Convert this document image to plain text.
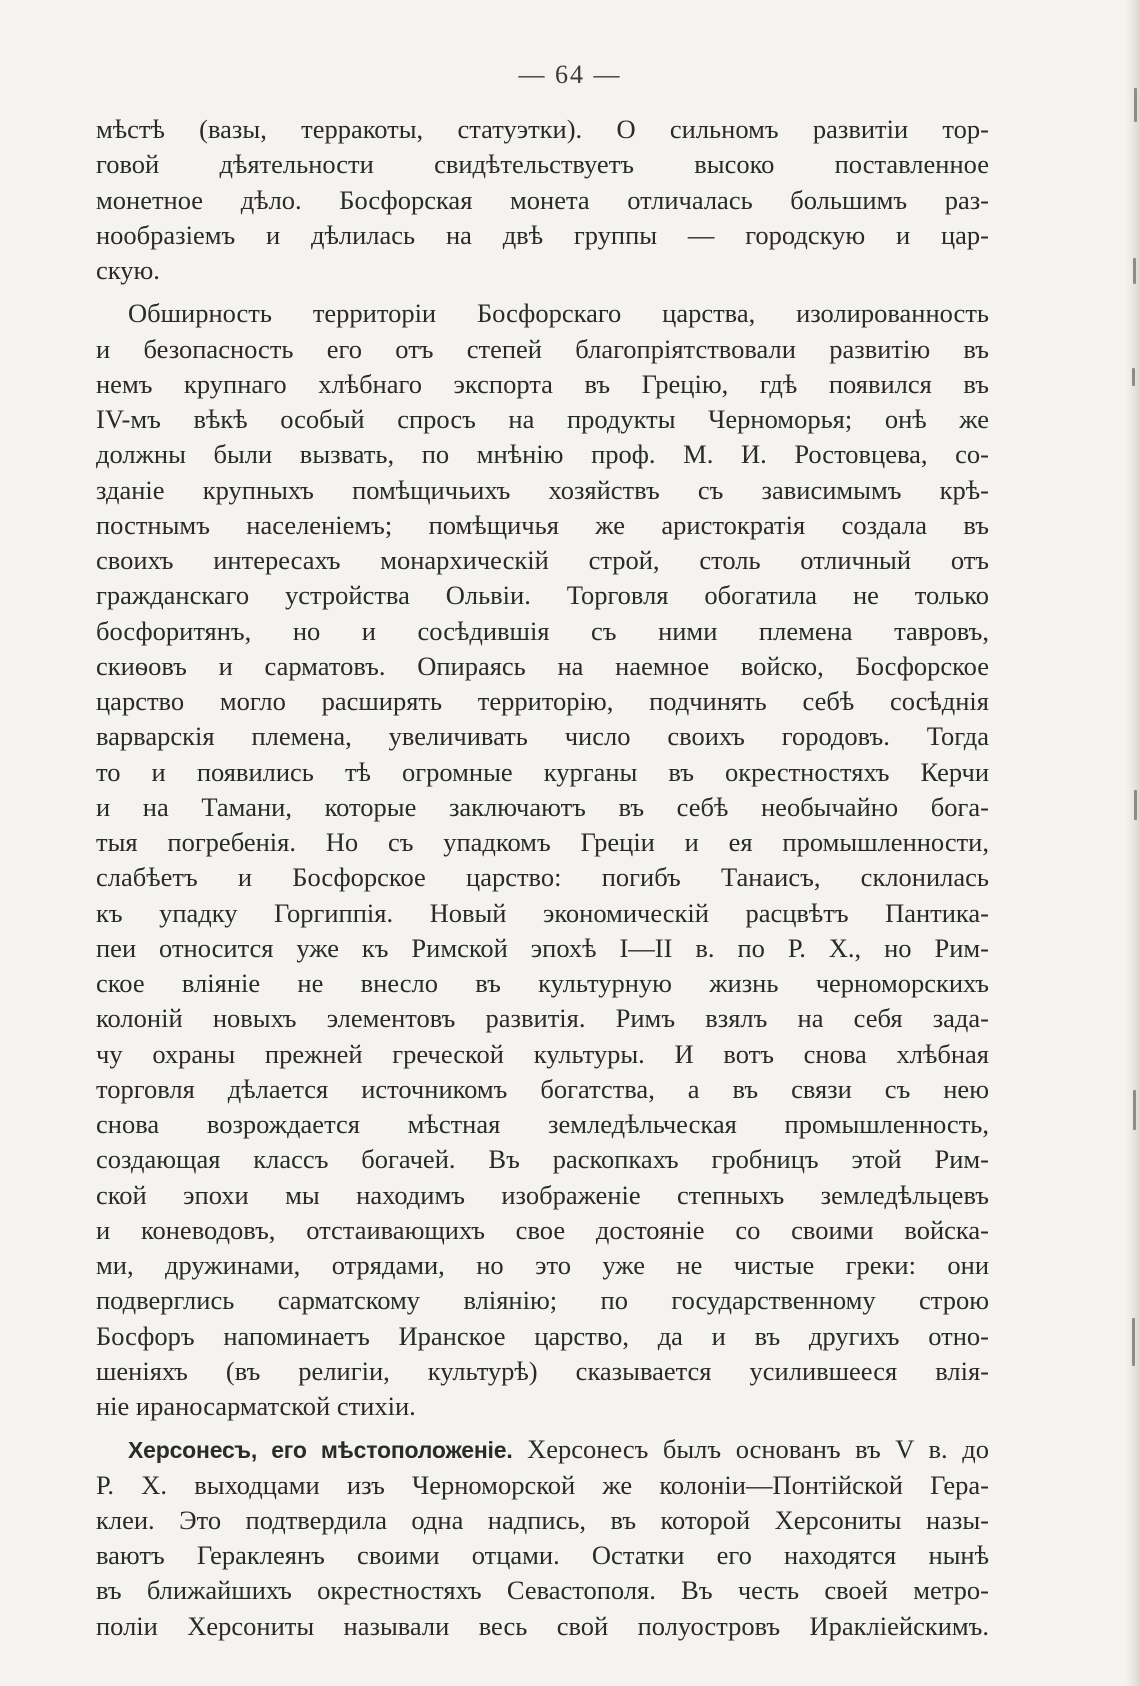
— 64 —
мѣстѣ (вазы, терракоты, статуэтки). О сильномъ развитіи тор-
говой дѣятельности свидѣтельствуетъ высоко поставленное
монетное дѣло. Босфорская монета отличалась большимъ раз-
нообразіемъ и дѣлилась на двѣ группы — городскую и цар-
скую.
Обширность территоріи Босфорскаго царства, изолированность
и безопасность его отъ степей благопріятствовали развитію въ
немъ крупнаго хлѣбнаго экспорта въ Грецію, гдѣ появился въ
IV-мъ вѣкѣ особый спросъ на продукты Черноморья; онѣ же
должны были вызвать, по мнѣнію проф. М. И. Ростовцева, со-
зданіе крупныхъ помѣщичьихъ хозяйствъ съ зависимымъ крѣ-
постнымъ населеніемъ; помѣщичья же аристократія создала въ
своихъ интересахъ монархическій строй, столь отличный отъ
гражданскаго устройства Ольвіи. Торговля обогатила не только
босфоритянъ, но и сосѣдившія съ ними племена тавровъ,
скиѳовъ и сарматовъ. Опираясь на наемное войско, Босфорское
царство могло расширять территорію, подчинять себѣ сосѣднія
варварскія племена, увеличивать число своихъ городовъ. Тогда
то и появились тѣ огромные курганы въ окрестностяхъ Керчи
и на Тамани, которые заключаютъ въ себѣ необычайно бога-
тыя погребенія. Но съ упадкомъ Греціи и ея промышленности,
слабѣетъ и Босфорское царство: погибъ Танаисъ, склонилась
къ упадку Горгиппія. Новый экономическій расцвѣтъ Пантика-
пеи относится уже къ Римской эпохѣ I—II в. по Р. Х., но Рим-
ское вліяніе не внесло въ культурную жизнь черноморскихъ
колоній новыхъ элементовъ развитія. Римъ взялъ на себя зада-
чу охраны прежней греческой культуры. И вотъ снова хлѣбная
торговля дѣлается источникомъ богатства, а въ связи съ нею
снова возрождается мѣстная земледѣльческая промышленность,
создающая классъ богачей. Въ раскопкахъ гробницъ этой Рим-
ской эпохи мы находимъ изображеніе степныхъ земледѣльцевъ
и коневодовъ, отстаивающихъ свое достояніе со своими войска-
ми, дружинами, отрядами, но это уже не чистые греки: они
подверглись сарматскому вліянію; по государственному строю
Босфоръ напоминаетъ Иранское царство, да и въ другихъ отно-
шеніяхъ (въ религіи, культурѣ) сказывается усилившееся влія-
ніе ираносарматской стихіи.
Херсонесъ, его мѣстоположеніе. Херсонесъ былъ основанъ въ V в. до
Р. Х. выходцами изъ Черноморской же колоніи—Понтійской Гера-
клеи. Это подтвердила одна надпись, въ которой Херсониты назы-
ваютъ Гераклеянъ своими отцами. Остатки его находятся нынѣ
въ ближайшихъ окрестностяхъ Севастополя. Въ честь своей метро-
поліи Херсониты называли весь свой полуостровъ Иракліейскимъ.
